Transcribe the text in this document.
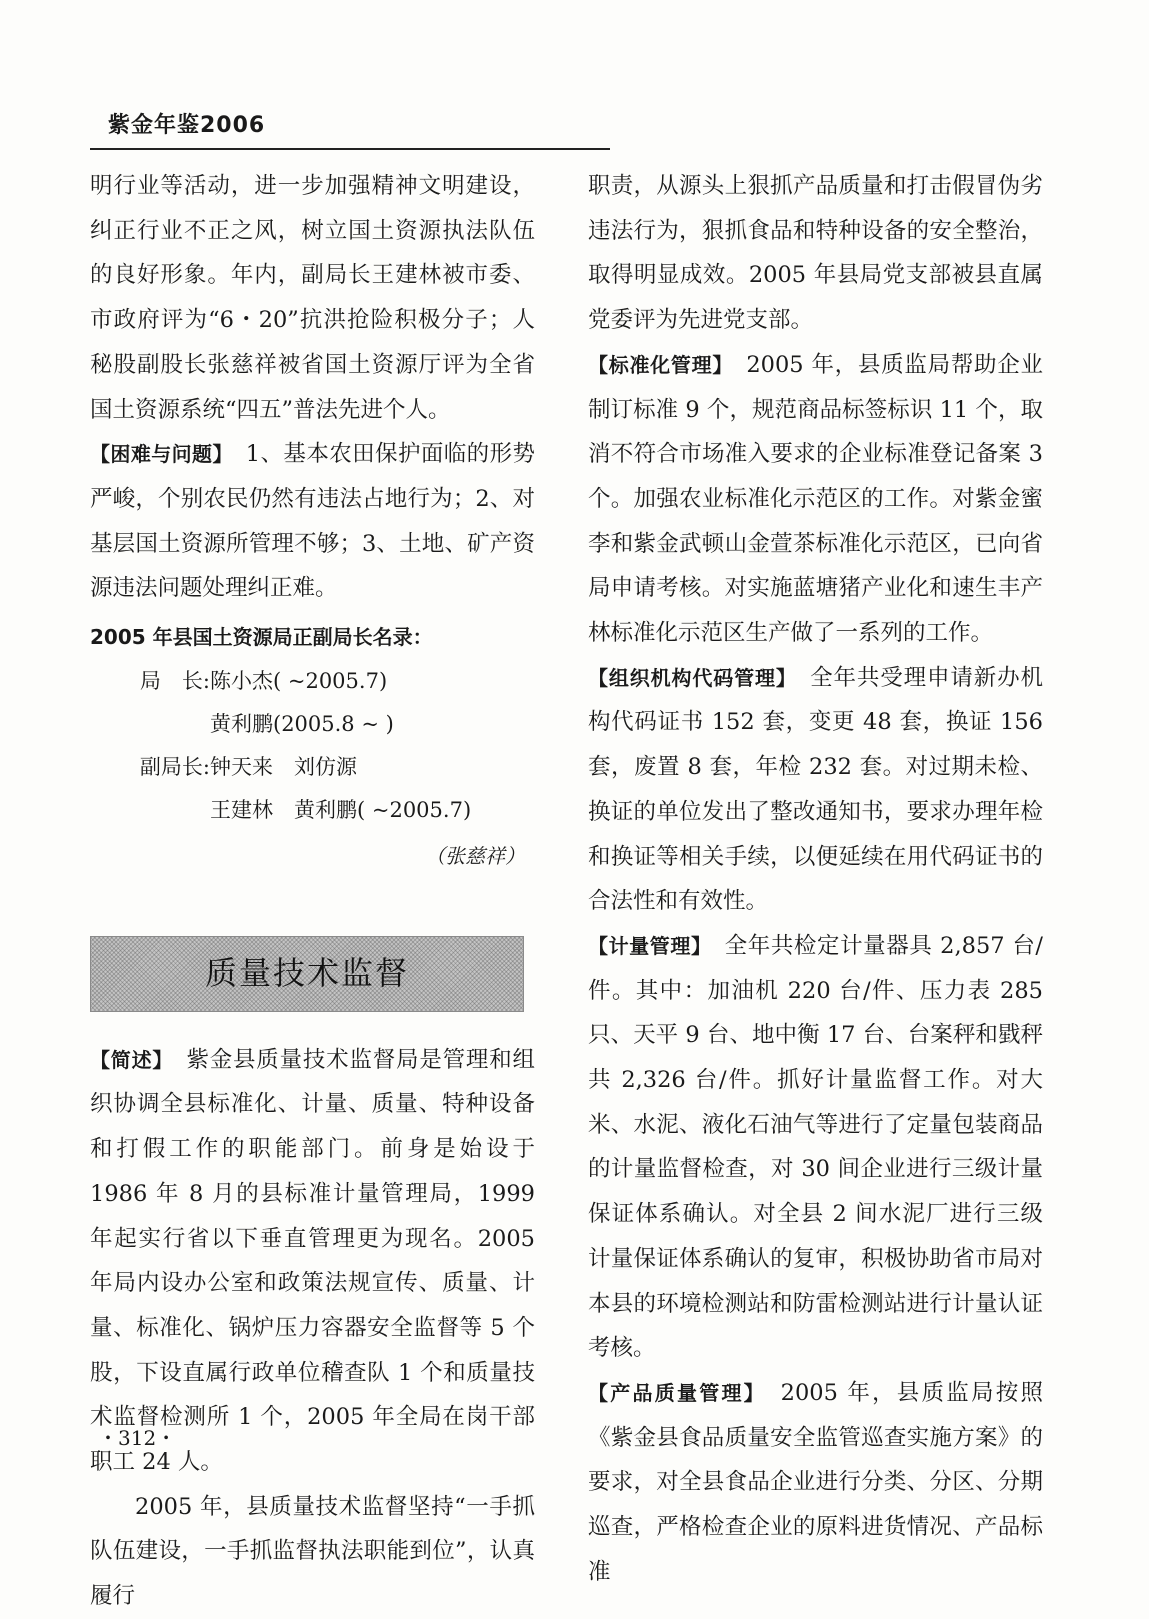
紫金年鉴2006

明行业等活动，进一步加强精神文明建设，纠正行业不正之风，树立国土资源执法队伍的良好形象。年内，副局长王建林被市委、市政府评为“6・20”抗洪抢险积极分子；人秘股副股长张慈祥被省国土资源厅评为全省国土资源系统“四五”普法先进个人。

【困难与问题】　1、基本农田保护面临的形势严峻，个别农民仍然有违法占地行为；2、对基层国土资源所管理不够；3、土地、矿产资源违法问题处理纠正难。

2005 年县国土资源局正副局长名录：
局　长: 陈小杰( ~2005.7)
黄利鹏(2005.8 ~ )
副局长: 钟天来　刘仿源
王建林　黄利鹏( ~2005.7)
（张慈祥）
质量技术监督

【简述】　紫金县质量技术监督局是管理和组织协调全县标准化、计量、质量、特种设备和打假工作的职能部门。前身是始设于 1986 年 8 月的县标准计量管理局，1999 年起实行省以下垂直管理更为现名。2005 年局内设办公室和政策法规宣传、质量、计量、标准化、锅炉压力容器安全监督等 5 个股，下设直属行政单位稽查队 1 个和质量技术监督检测所 1 个，2005 年全局在岗干部职工 24 人。

2005 年，县质量技术监督坚持“一手抓队伍建设，一手抓监督执法职能到位”，认真履行

职责，从源头上狠抓产品质量和打击假冒伪劣违法行为，狠抓食品和特种设备的安全整治，取得明显成效。2005 年县局党支部被县直属党委评为先进党支部。

【标准化管理】　2005 年，县质监局帮助企业制订标准 9 个，规范商品标签标识 11 个，取消不符合市场准入要求的企业标准登记备案 3 个。加强农业标准化示范区的工作。对紫金蜜李和紫金武顿山金萱茶标准化示范区，已向省局申请考核。对实施蓝塘猪产业化和速生丰产林标准化示范区生产做了一系列的工作。

【组织机构代码管理】　全年共受理申请新办机构代码证书 152 套，变更 48 套，换证 156 套，废置 8 套，年检 232 套。对过期未检、换证的单位发出了整改通知书，要求办理年检和换证等相关手续，以便延续在用代码证书的合法性和有效性。

【计量管理】　全年共检定计量器具 2,857 台/件。其中：加油机 220 台/件、压力表 285 只、天平 9 台、地中衡 17 台、台案秤和戥秤共 2,326 台/件。抓好计量监督工作。对大米、水泥、液化石油气等进行了定量包装商品的计量监督检查，对 30 间企业进行三级计量保证体系确认。对全县 2 间水泥厂进行三级计量保证体系确认的复审，积极协助省市局对本县的环境检测站和防雷检测站进行计量认证考核。

【产品质量管理】　2005 年，县质监局按照《紫金县食品质量安全监管巡查实施方案》的要求，对全县食品企业进行分类、分区、分期巡查，严格检查企业的原料进货情况、产品标准

・312・
